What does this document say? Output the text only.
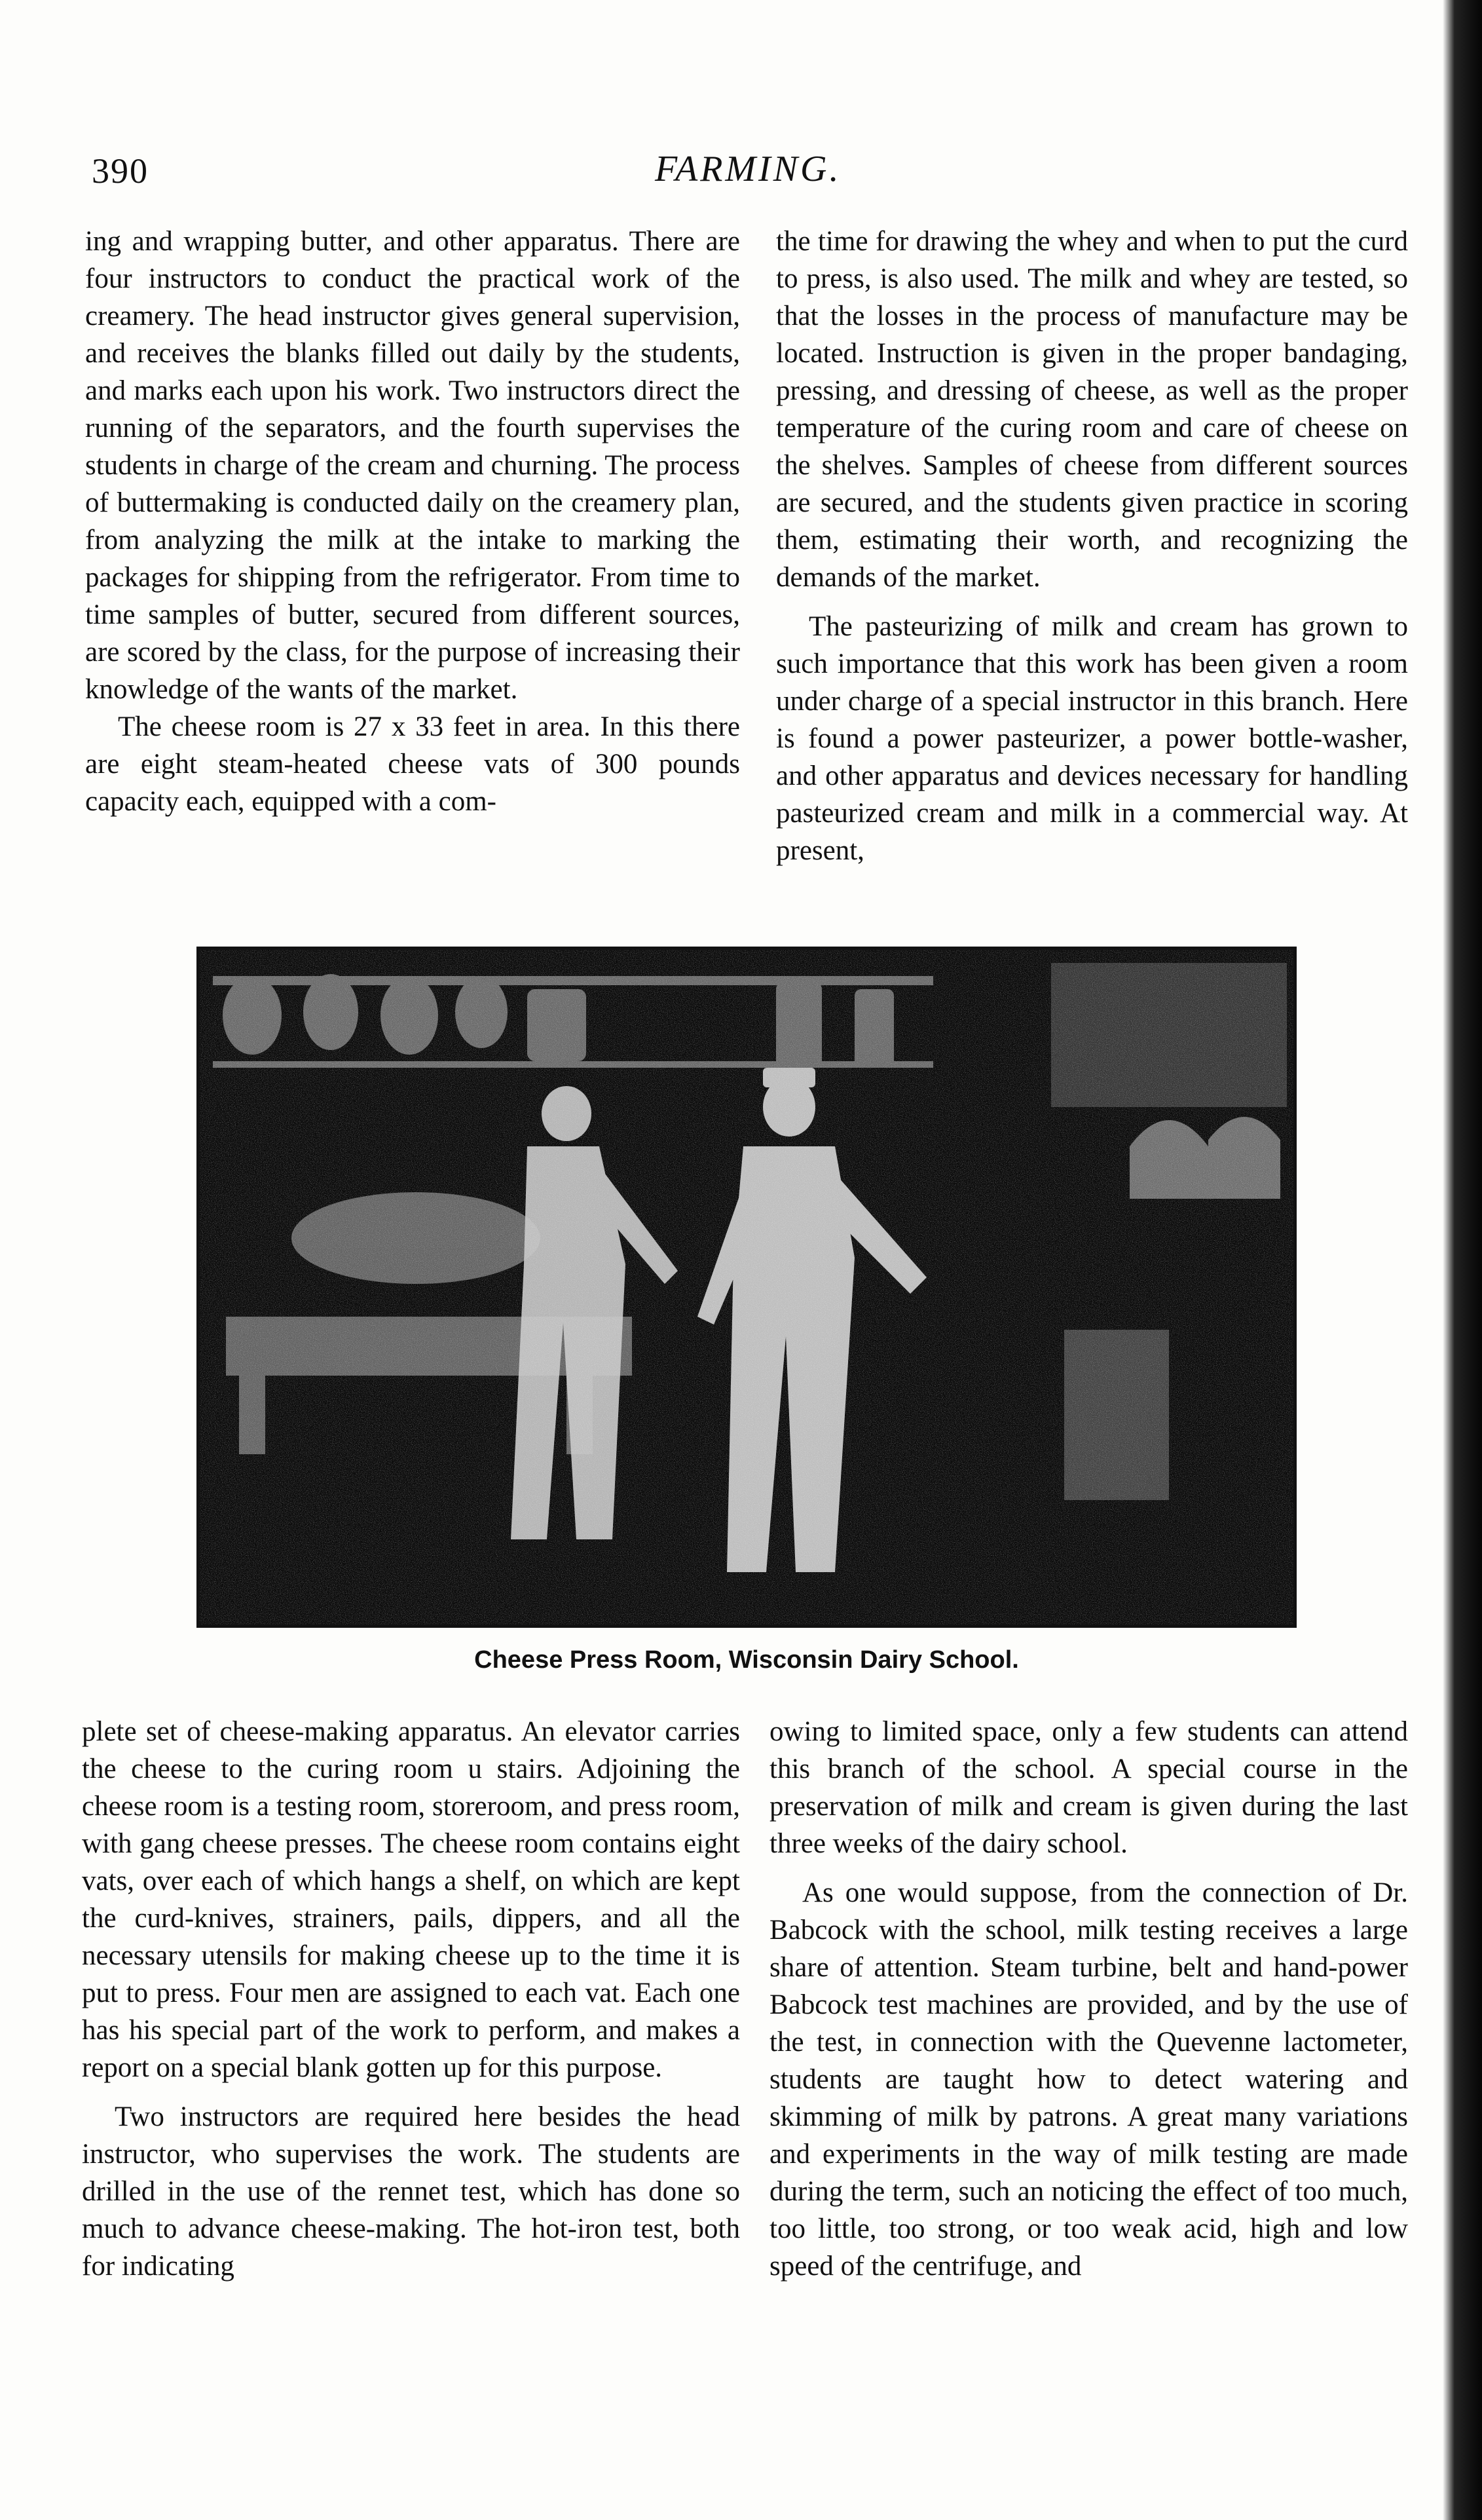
390	FARMING.

ing and wrapping butter, and other apparatus. There are four instructors to conduct the practical work of the creamery. The head instructor gives general supervision, and receives the blanks filled out daily by the students, and marks each upon his work. Two instructors direct the running of the separators, and the fourth supervises the students in charge of the cream and churning. The process of buttermaking is conducted daily on the creamery plan, from analyzing the milk at the intake to marking the packages for shipping from the refrigerator. From time to time samples of butter, secured from different sources, are scored by the class, for the purpose of increasing their knowledge of the wants of the market.

The cheese room is 27 x 33 feet in area. In this there are eight steam-heated cheese vats of 300 pounds capacity each, equipped with a com-

the time for drawing the whey and when to put the curd to press, is also used. The milk and whey are tested, so that the losses in the process of manufacture may be located. Instruction is given in the proper bandaging, pressing, and dressing of cheese, as well as the proper temperature of the curing room and care of cheese on the shelves. Samples of cheese from different sources are secured, and the students given practice in scoring them, estimating their worth, and recognizing the demands of the market.

The pasteurizing of milk and cream has grown to such importance that this work has been given a room under charge of a special instructor in this branch. Here is found a power pasteurizer, a power bottle-washer, and other apparatus and devices necessary for handling pasteurized cream and milk in a commercial way. At present,

Cheese Press Room, Wisconsin Dairy School.

plete set of cheese-making apparatus. An elevator carries the cheese to the curing room u stairs. Adjoining the cheese room is a testing room, storeroom, and press room, with gang cheese presses. The cheese room contains eight vats, over each of which hangs a shelf, on which are kept the curd-knives, strainers, pails, dippers, and all the necessary utensils for making cheese up to the time it is put to press. Four men are assigned to each vat. Each one has his special part of the work to perform, and makes a report on a special blank gotten up for this purpose.

Two instructors are required here besides the head instructor, who supervises the work. The students are drilled in the use of the rennet test, which has done so much to advance cheese-making. The hot-iron test, both for indicating

owing to limited space, only a few students can attend this branch of the school. A special course in the preservation of milk and cream is given during the last three weeks of the dairy school.

As one would suppose, from the connection of Dr. Babcock with the school, milk testing receives a large share of attention. Steam turbine, belt and hand-power Babcock test machines are provided, and by the use of the test, in connection with the Quevenne lactometer, students are taught how to detect watering and skimming of milk by patrons. A great many variations and experiments in the way of milk testing are made during the term, such an noticing the effect of too much, too little, too strong, or too weak acid, high and low speed of the centrifuge, and
